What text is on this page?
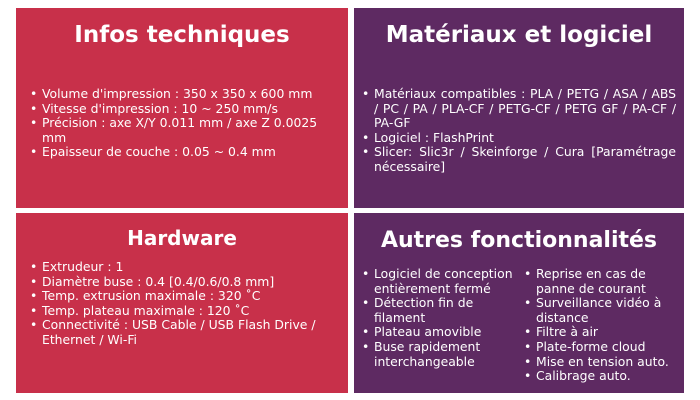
Infos techniques
• Volume d'impression : 350 x 350 x 600 mm
• Vitesse d'impression : 10 ~ 250 mm/s
• Précision : axe X/Y 0.011 mm / axe Z 0.0025 mm
• Epaisseur de couche : 0.05 ~ 0.4 mm
Matériaux et logiciel
• Matériaux compatibles : PLA / PETG / ASA / ABS / PC / PA / PLA-CF / PETG-CF / PETG GF / PA-CF / PA-GF
• Logiciel : FlashPrint
• Slicer: Slic3r / Skeinforge / Cura [Paramétrage nécessaire]
Hardware
• Extrudeur : 1
• Diamètre buse : 0.4 [0.4/0.6/0.8 mm]
• Temp. extrusion maximale : 320 ˚C
• Temp. plateau maximale : 120 ˚C
• Connectivité : USB Cable / USB Flash Drive / Ethernet / Wi-Fi
Autres fonctionnalités
• Logiciel de conception entièrement fermé
• Détection fin de filament
• Plateau amovible
• Buse rapidement interchangeable
• Reprise en cas de panne de courant
• Surveillance vidéo à distance
• Filtre à air
• Plate-forme cloud
• Mise en tension auto.
• Calibrage auto.
